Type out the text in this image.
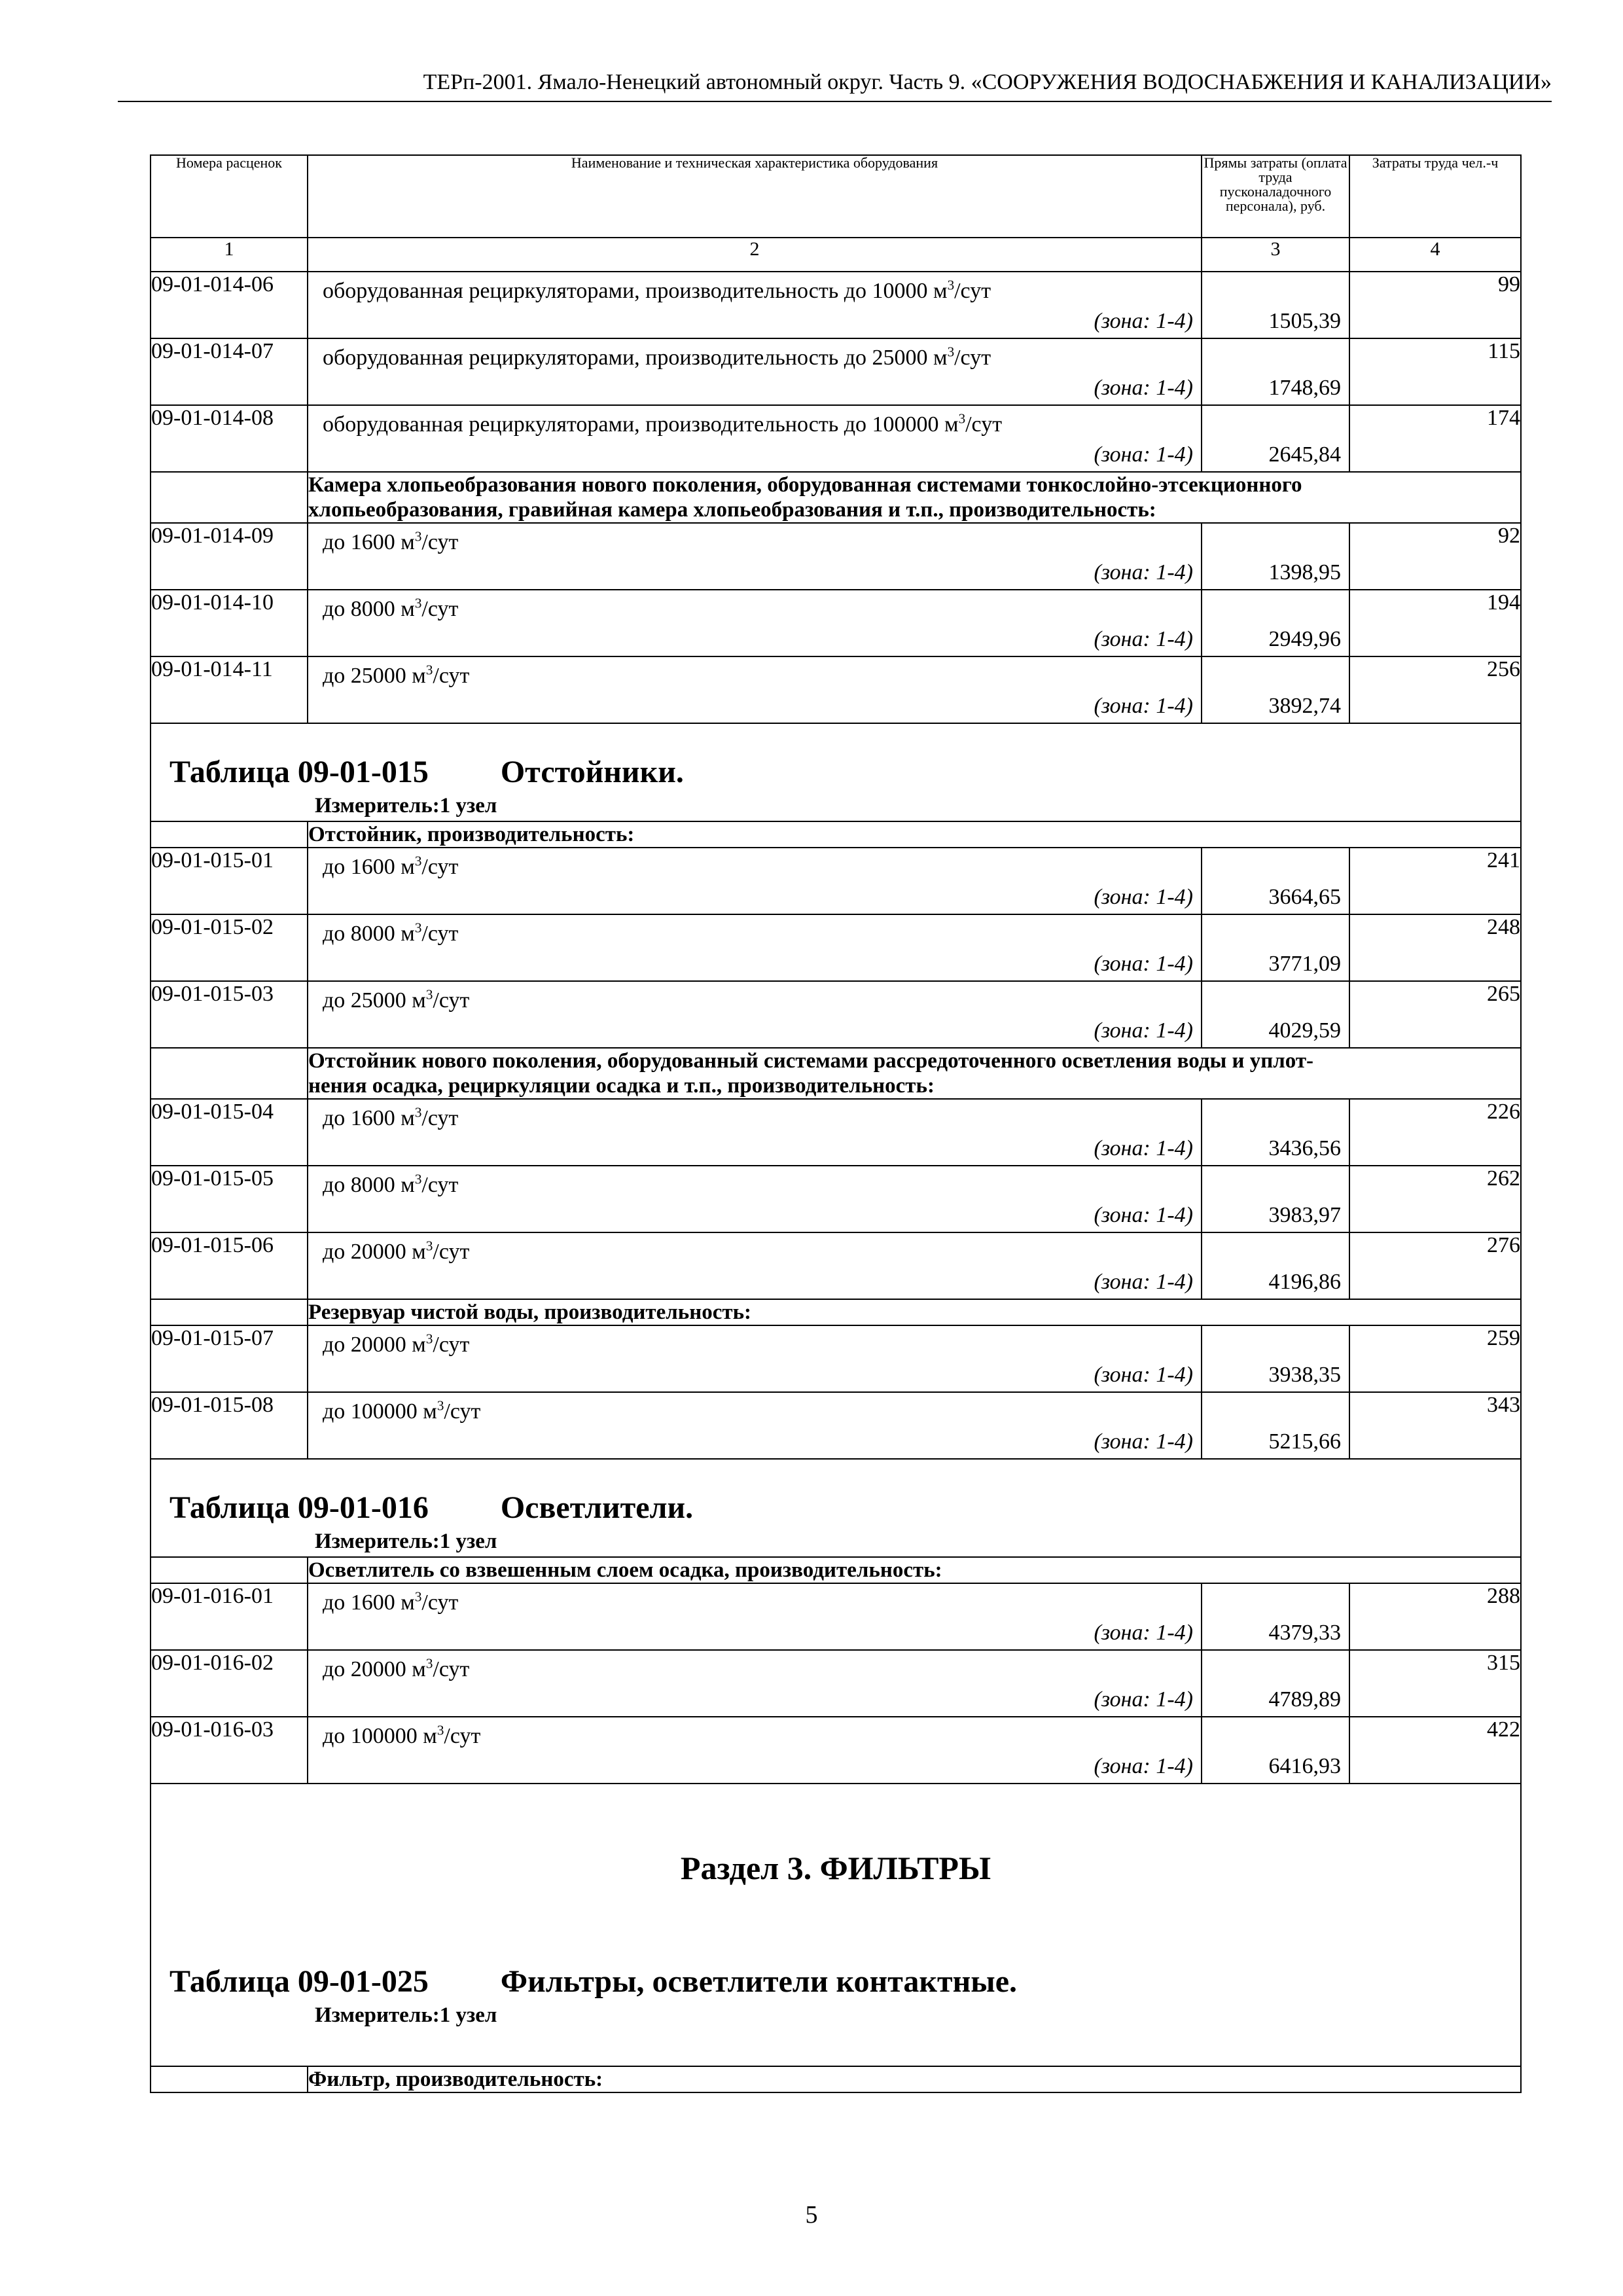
ТЕРп-2001. Ямало-Ненецкий автономный округ. Часть 9. «СООРУЖЕНИЯ ВОДОСНАБЖЕНИЯ И КАНАЛИЗАЦИИ»
Номера расценок	Наименование и техническая характеристика оборудования	Прямы затраты (оплата труда пусконаладочного персонала), руб.	Затраты труда чел.-ч
1	2	3	4
09-01-014-06	оборудованная рециркуляторами, производительность до 10000 $м^3$/сут
(зона: 1-4)	1505,39	99
09-01-014-07	оборудованная рециркуляторами, производительность до 25000 $м^3$/сут
(зона: 1-4)	1748,69	115
09-01-014-08	оборудованная рециркуляторами, производительность до 100000 $м^3$/сут
(зона: 1-4)	2645,84	174

	Камера хлопьеобразования нового поколения, оборудованная системами тонкослойно-этсекционного
хлопьеобразования, гравийная камера хлопьеобразования и т.п., производительность:		

09-01-014-09	до 1600 $м^3$/сут
(зона: 1-4)	1398,95	92
09-01-014-10	до 8000 $м^3$/сут
(зона: 1-4)	2949,96	194
09-01-014-11	до 25000 $м^3$/сут
(зона: 1-4)	3892,74	256

Таблица 09-01-015 Отстойники.
Измеритель:1 узел			

	Отстойник, производительность:		

09-01-015-01	до 1600 $м^3$/сут
(зона: 1-4)	3664,65	241
09-01-015-02	до 8000 $м^3$/сут
(зона: 1-4)	3771,09	248
09-01-015-03	до 25000 $м^3$/сут
(зона: 1-4)	4029,59	265

	Отстойник нового поколения, оборудованный системами рассредоточенного осветления воды и уплот-
нения осадка, рециркуляции осадка и т.п., производительность:		

09-01-015-04	до 1600 $м^3$/сут
(зона: 1-4)	3436,56	226
09-01-015-05	до 8000 $м^3$/сут
(зона: 1-4)	3983,97	262
09-01-015-06	до 20000 $м^3$/сут
(зона: 1-4)	4196,86	276

	Резервуар чистой воды, производительность:		

09-01-015-07	до 20000 $м^3$/сут
(зона: 1-4)	3938,35	259
09-01-015-08	до 100000 $м^3$/сут
(зона: 1-4)	5215,66	343

Таблица 09-01-016 Осветлители.
Измеритель:1 узел			

	Осветлитель со взвешенным слоем осадка, производительность:		

09-01-016-01	до 1600 $м^3$/сут
(зона: 1-4)	4379,33	288
09-01-016-02	до 20000 $м^3$/сут
(зона: 1-4)	4789,89	315
09-01-016-03	до 100000 $м^3$/сут
(зона: 1-4)	6416,93	422

Раздел 3. ФИЛЬТРЫ
Таблица 09-01-025 Фильтры, осветлители контактные.
Измеритель:1 узел			

	Фильтр, производительность:		
5
